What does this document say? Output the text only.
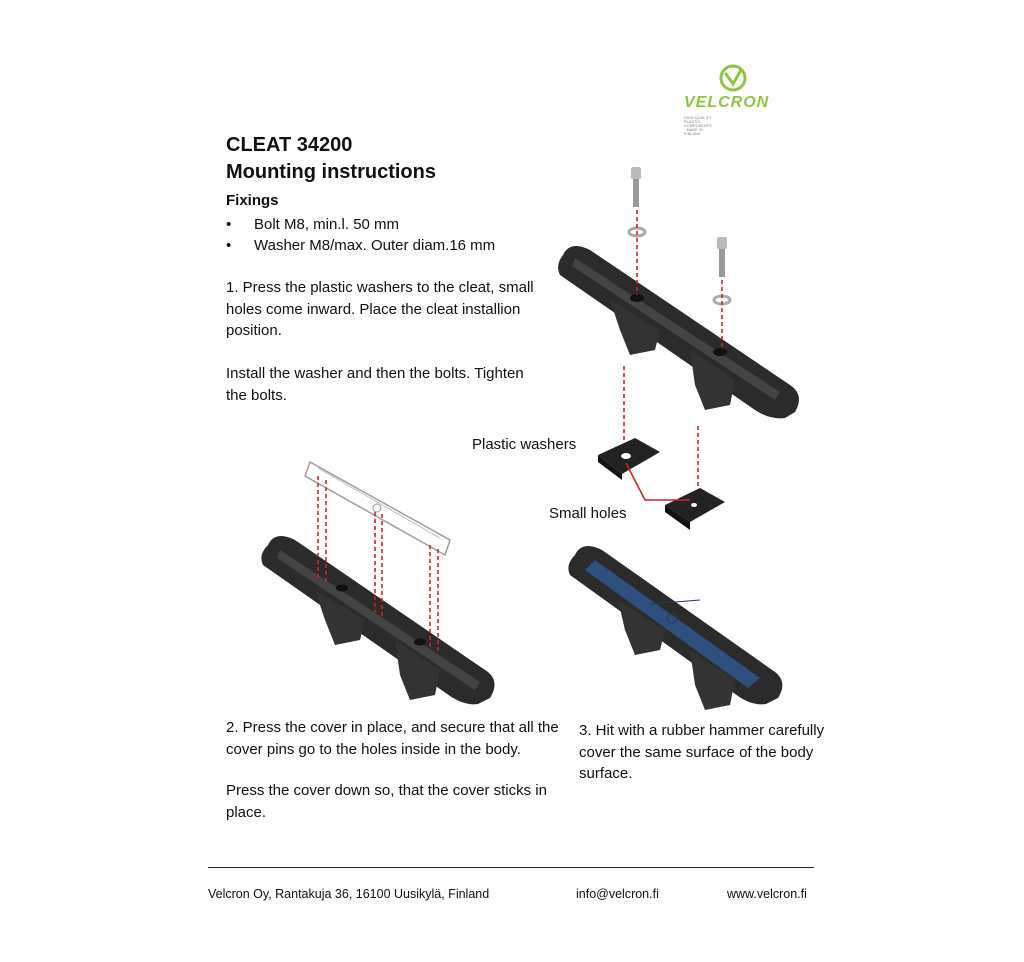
VELCRON
HIGH QUALITY PLASTIC COMPONENTS · MADE IN FINLAND
CLEAT 34200
Mounting instructions
Fixings
• Bolt M8, min.l. 50 mm
• Washer M8/max. Outer diam.16 mm
1. Press the plastic washers to the cleat, small holes come inward. Place the cleat installion position.
Install the washer and then the bolts. Tighten the bolts.
2. Press the cover in place, and secure that all the cover pins go to the holes inside in the body.
Press the cover down so, that the cover sticks in place.
3. Hit with a rubber hammer carefully cover the same surface of the body surface.
Plastic washers
Small holes
Velcron Oy, Rantakuja 36, 16100 Uusikylä, Finland	info@velcron.fi	www.velcron.fi
